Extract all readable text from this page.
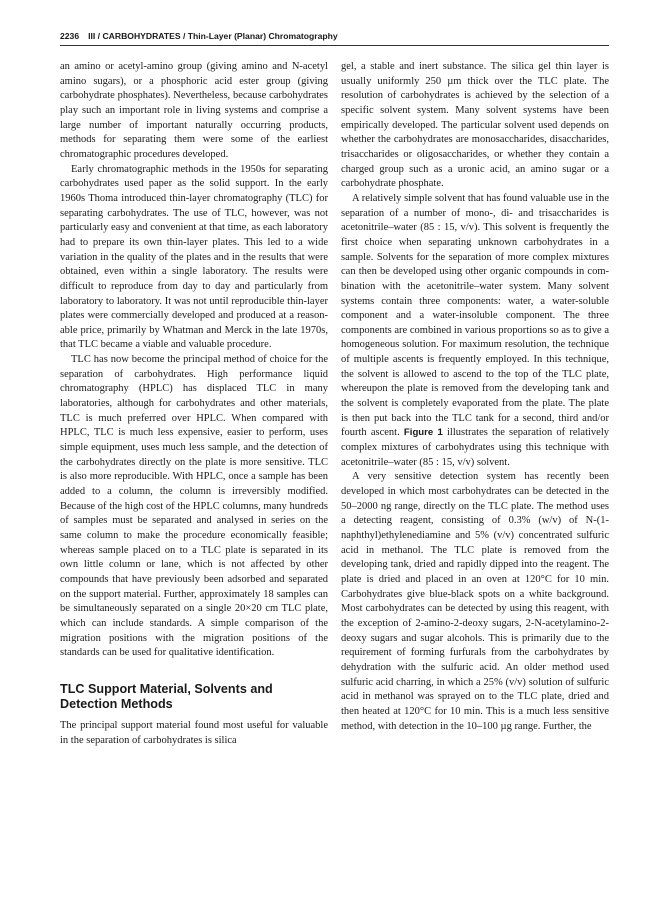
2236 III / CARBOHYDRATES / Thin-Layer (Planar) Chromatography

an amino or acetyl-amino group (giving amino and N-acetyl amino sugars), or a phosphoric acid ester group (giving carbohydrate phosphates). Nevertheless, because carbohydrates play such an important role in living systems and comprise a large number of important naturally occurring products, methods for separating them were some of the earliest chromatographic procedures developed.

Early chromatographic methods in the 1950s for separating carbohydrates used paper as the solid support. In the early 1960s Thoma introduced thin-layer chromatography (TLC) for separating carbohydrates. The use of TLC, however, was not particularly easy and convenient at that time, as each laboratory had to prepare its own thin-layer plates. This led to a wide variation in the quality of the plates and in the results that were obtained, even within a single laboratory. The results were difficult to reproduce from day to day and particularly from laboratory to laboratory. It was not until reproducible thin-layer plates were commercially developed and produced at a reasonable price, primarily by Whatman and Merck in the late 1970s, that TLC became a viable and valuable procedure.

TLC has now become the principal method of choice for the separation of carbohydrates. High performance liquid chromatography (HPLC) has displaced TLC in many laboratories, although for carbohydrates and other materials, TLC is much preferred over HPLC. When compared with HPLC, TLC is much less expensive, easier to perform, uses simple equipment, uses much less sample, and the detection of the carbohydrates directly on the plate is more sensitive. TLC is also more reproducible. With HPLC, once a sample has been added to a column, the column is irreversibly modified. Because of the high cost of the HPLC columns, many hundreds of samples must be separated and analysed in series on the same column to make the procedure economically feasible; whereas sample placed on to a TLC plate is separated in its own little column or lane, which is not affected by other compounds that have previously been adsorbed and separated on the support material. Further, approximately 18 samples can be simultaneously separated on a single 20×20 cm TLC plate, which can include standards. A simple comparison of the migration positions with the migration positions of the standards can be used for qualitative identification.

TLC Support Material, Solvents and Detection Methods

The principal support material found most useful for valuable in the separation of carbohydrates is silica

gel, a stable and inert substance. The silica gel thin layer is usually uniformly 250 µm thick over the TLC plate. The resolution of carbohydrates is achieved by the selection of a specific solvent system. Many solvent systems have been empirically developed. The particular solvent used depends on whether the carbohydrates are monosaccharides, disaccharides, trisaccharides or oligosaccharides, or whether they contain a charged group such as a uronic acid, an amino sugar or a carbohydrate phosphate.

A relatively simple solvent that has found valuable use in the separation of a number of mono-, di- and trisaccharides is acetonitrile–water (85 : 15, v/v). This solvent is frequently the first choice when separating unknown carbohydrates in a sample. Solvents for the separation of more complex mixtures can then be developed using other organic compounds in combination with the acetonitrile–water system. Many solvent systems contain three components: water, a water-soluble component and a water-insoluble component. The three components are combined in various proportions so as to give a homogeneous solution. For maximum resolution, the technique of multiple ascents is frequently employed. In this technique, the solvent is allowed to ascend to the top of the TLC plate, whereupon the plate is removed from the developing tank and the solvent is completely evaporated from the plate. The plate is then put back into the TLC tank for a second, third and/or fourth ascent. Figure 1 illustrates the separation of relatively complex mixtures of carbohydrates using this technique with acetonitrile–water (85 : 15, v/v) solvent.

A very sensitive detection system has recently been developed in which most carbohydrates can be detected in the 50–2000 ng range, directly on the TLC plate. The method uses a detecting reagent, consisting of 0.3% (w/v) of N-(1-naphthyl)ethylenediamine and 5% (v/v) concentrated sulfuric acid in methanol. The TLC plate is removed from the developing tank, dried and rapidly dipped into the reagent. The plate is dried and placed in an oven at 120°C for 10 min. Carbohydrates give blue-black spots on a white background. Most carbohydrates can be detected by using this reagent, with the exception of 2-amino-2-deoxy sugars, 2-N-acetylamino-2-deoxy sugars and sugar alcohols. This is primarily due to the requirement of forming furfurals from the carbohydrates by dehydration with the sulfuric acid. An older method used sulfuric acid charring, in which a 25% (v/v) solution of sulfuric acid in methanol was sprayed on to the TLC plate, dried and then heated at 120°C for 10 min. This is a much less sensitive method, with detection in the 10–100 µg range. Further, the
